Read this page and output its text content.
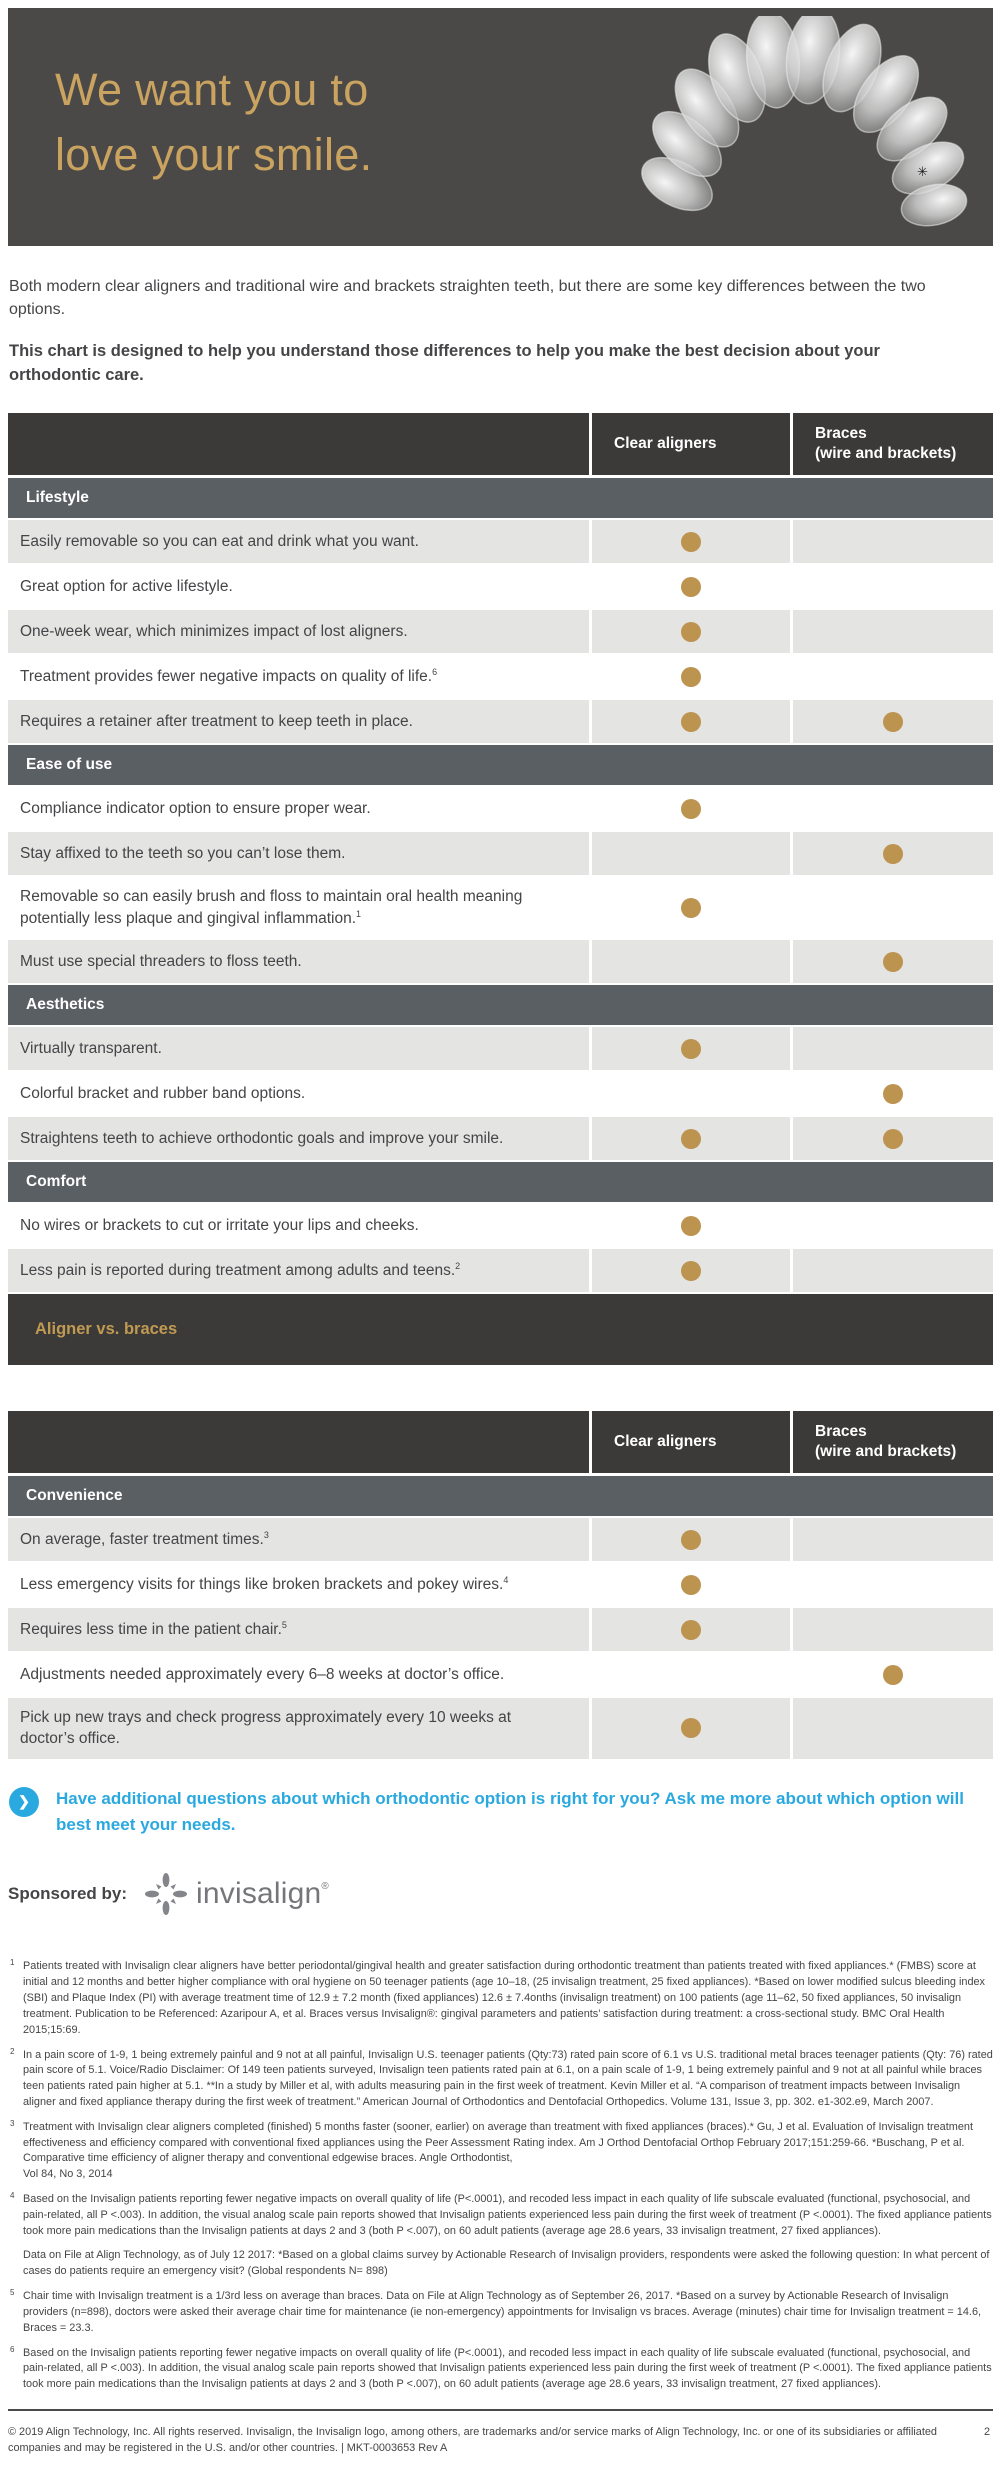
We want you to
love your smile.	✳

Both modern clear aligners and traditional wire and brackets straighten teeth, but there are some key differences between the two options.

This chart is designed to help you understand those differences to help you make the best decision about your orthodontic care.

Clear aligners
Braces
(wire and brackets)
Lifestyle
Easily removable so you can eat and drink what you want.
Great option for active lifestyle.
One-week wear, which minimizes impact of lost aligners.
Treatment provides fewer negative impacts on quality of life.$^6$
Requires a retainer after treatment to keep teeth in place.
Ease of use
Compliance indicator option to ensure proper wear.
Stay affixed to the teeth so you can’t lose them.
Removable so can easily brush and floss to maintain oral health meaning potentially less plaque and gingival inflammation.$^1$
Must use special threaders to floss teeth.
Aesthetics
Virtually transparent.
Colorful bracket and rubber band options.
Straightens teeth to achieve orthodontic goals and improve your smile.
Comfort
No wires or brackets to cut or irritate your lips and cheeks.
Less pain is reported during treatment among adults and teens.$^2$
Aligner vs. braces
Clear aligners
Braces
(wire and brackets)
Convenience
On average, faster treatment times.$^3$
Less emergency visits for things like broken brackets and pokey wires.$^4$
Requires less time in the patient chair.$^5$
Adjustments needed approximately every 6–8 weeks at doctor’s office.
Pick up new trays and check progress approximately every 10 weeks at doctor’s office.
❯	Have additional questions about which orthodontic option is right for you? Ask me more about which option will best meet your needs.
Sponsored by: invisalign®
1 Patients treated with Invisalign clear aligners have better periodontal/gingival health and greater satisfaction during orthodontic treatment than patients treated with fixed appliances.* (FMBS) score at initial and 12 months and better higher compliance with oral hygiene on 50 teenager patients (age 10–18, (25 invisalign treatment, 25 fixed appliances). *Based on lower modified sulcus bleeding index (SBI) and Plaque Index (PI) with average treatment time of 12.9 ± 7.2 month (fixed appliances) 12.6 ± 7.4onths (invisalign treatment) on 100 patients (age 11–62, 50 fixed appliances, 50 invisalign treatment. Publication to be Referenced: Azaripour A, et al. Braces versus Invisalign®: gingival parameters and patients’ satisfaction during treatment: a cross-sectional study. BMC Oral Health 2015;15:69.

2 In a pain score of 1-9, 1 being extremely painful and 9 not at all painful, Invisalign U.S. teenager patients (Qty:73) rated pain score of 6.1 vs U.S. traditional metal braces teenager patients (Qty: 76) rated pain score of 5.1. Voice/Radio Disclaimer: Of 149 teen patients surveyed, Invisalign teen patients rated pain at 6.1, on a pain scale of 1-9, 1 being extremely painful and 9 not at all painful while braces teen patients rated pain higher at 5.1. **In a study by Miller et al, with adults measuring pain in the first week of treatment. Kevin Miller et al. “A comparison of treatment impacts between Invisalign aligner and fixed appliance therapy during the first week of treatment.” American Journal of Orthodontics and Dentofacial Orthopedics. Volume 131, Issue 3, pp. 302. e1-302.e9, March 2007.

3 Treatment with Invisalign clear aligners completed (finished) 5 months faster (sooner, earlier) on average than treatment with fixed appliances (braces).* Gu, J et al. Evaluation of Invisalign treatment effectiveness and efficiency compared with conventional fixed appliances using the Peer Assessment Rating index. Am J Orthod Dentofacial Orthop February 2017;151:259-66. *Buschang, P et al. Comparative time efficiency of aligner therapy and conventional edgewise braces. Angle Orthodontist,
Vol 84, No 3, 2014

4 Based on the Invisalign patients reporting fewer negative impacts on overall quality of life (P<.0001), and recoded less impact in each quality of life subscale evaluated (functional, psychosocial, and pain-related, all P <.003). In addition, the visual analog scale pain reports showed that Invisalign patients experienced less pain during the first week of treatment (P <.0001). The fixed appliance patients took more pain medications than the Invisalign patients at days 2 and 3 (both P <.007), on 60 adult patients (average age 28.6 years, 33 invisalign treatment, 27 fixed appliances).

Data on File at Align Technology, as of July 12 2017: *Based on a global claims survey by Actionable Research of Invisalign providers, respondents were asked the following question: In what percent of cases do patients require an emergency visit? (Global respondents N= 898)

5 Chair time with Invisalign treatment is a 1/3rd less on average than braces. Data on File at Align Technology as of September 26, 2017. *Based on a survey by Actionable Research of Invisalign providers (n=898), doctors were asked their average chair time for maintenance (ie non-emergency) appointments for Invisalign vs braces. Average (minutes) chair time for Invisalign treatment = 14.6, Braces = 23.3.

6 Based on the Invisalign patients reporting fewer negative impacts on overall quality of life (P<.0001), and recoded less impact in each quality of life subscale evaluated (functional, psychosocial, and pain-related, all P <.003). In addition, the visual analog scale pain reports showed that Invisalign patients experienced less pain during the first week of treatment (P <.0001). The fixed appliance patients took more pain medications than the Invisalign patients at days 2 and 3 (both P <.007), on 60 adult patients (average age 28.6 years, 33 invisalign treatment, 27 fixed appliances).

© 2019 Align Technology, Inc. All rights reserved. Invisalign, the Invisalign logo, among others, are trademarks and/or service marks of Align Technology, Inc. or one of its subsidiaries or affiliated companies and may be registered in the U.S. and/or other countries. | MKT-0003653 Rev A
2
